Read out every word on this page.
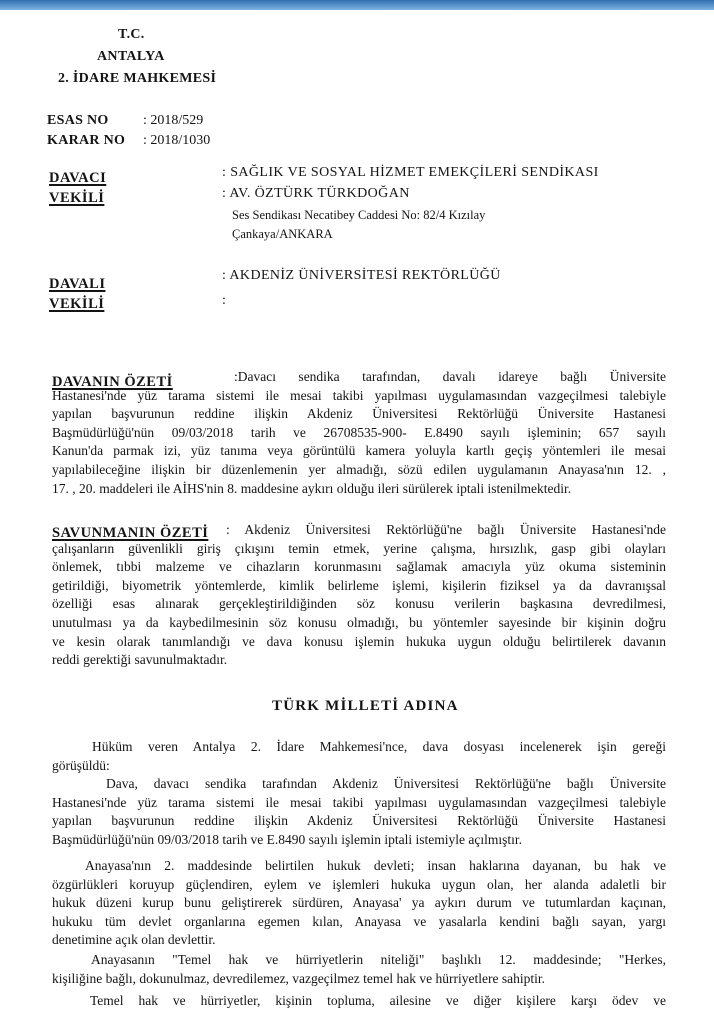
T.C.
ANTALYA
2. İDARE MAHKEMESİ
ESAS NO : 2018/529
KARAR NO : 2018/1030
DAVACI	: SAĞLIK VE SOSYAL HİZMET EMEKÇİLERİ SENDİKASI
VEKİLİ	: AV. ÖZTÜRK TÜRKDOĞAN
Ses Sendikası Necatibey Caddesi No: 82/4 Kızılay
Çankaya/ANKARA
DAVALI
: AKDENİZ ÜNİVERSİTESİ REKTÖRLÜĞÜ
VEKİLİ	:
DAVANIN ÖZETİ	:Davacı sendika tarafından, davalı idareye bağlı Üniversite
Hastanesi'nde yüz tarama sistemi ile mesai takibi yapılması uygulamasından vazgeçilmesi talebiyle
yapılan başvurunun reddine ilişkin Akdeniz Üniversitesi Rektörlüğü Üniversite Hastanesi
Başmüdürlüğü'nün 09/03/2018 tarih ve 26708535-900- E.8490 sayılı işleminin; 657 sayılı
Kanun'da parmak izi, yüz tanıma veya görüntülü kamera yoluyla kartlı geçiş yöntemleri ile mesai
yapılabileceğine ilişkin bir düzenlemenin yer almadığı, sözü edilen uygulamanın Anayasa'nın 12. ,
17. , 20. maddeleri ile AİHS'nin 8. maddesine aykırı olduğu ileri sürülerek iptali istenilmektedir.
SAVUNMANIN ÖZETİ : Akdeniz Üniversitesi Rektörlüğü'ne bağlı Üniversite Hastanesi'nde
çalışanların güvenlikli giriş çıkışını temin etmek, yerine çalışma, hırsızlık, gasp gibi olayları
önlemek, tıbbi malzeme ve cihazların korunmasını sağlamak amacıyla yüz okuma sisteminin
getirildiği, biyometrik yöntemlerde, kimlik belirleme işlemi, kişilerin fiziksel ya da davranışsal
özelliği esas alınarak gerçekleştirildiğinden söz konusu verilerin başkasına devredilmesi,
unutulması ya da kaybedilmesinin söz konusu olmadığı, bu yöntemler sayesinde bir kişinin doğru
ve kesin olarak tanımlandığı ve dava konusu işlemin hukuka uygun olduğu belirtilerek davanın
reddi gerektiği savunulmaktadır.
TÜRK MİLLETİ ADINA
Hüküm veren Antalya 2. İdare Mahkemesi'nce, dava dosyası incelenerek işin gereği
görüşüldü:
Dava, davacı sendika tarafından Akdeniz Üniversitesi Rektörlüğü'ne bağlı Üniversite
Hastanesi'nde yüz tarama sistemi ile mesai takibi yapılması uygulamasından vazgeçilmesi talebiyle
yapılan başvurunun reddine ilişkin Akdeniz Üniversitesi Rektörlüğü Üniversite Hastanesi
Başmüdürlüğü'nün 09/03/2018 tarih ve E.8490 sayılı işlemin iptali istemiyle açılmıştır.
Anayasa'nın 2. maddesinde belirtilen hukuk devleti; insan haklarına dayanan, bu hak ve
özgürlükleri koruyup güçlendiren, eylem ve işlemleri hukuka uygun olan, her alanda adaletli bir
hukuk düzeni kurup bunu geliştirerek sürdüren, Anayasa' ya aykırı durum ve tutumlardan kaçınan,
hukuku tüm devlet organlarına egemen kılan, Anayasa ve yasalarla kendini bağlı sayan, yargı
denetimine açık olan devlettir.
Anayasanın "Temel hak ve hürriyetlerin niteliği" başlıklı 12. maddesinde; "Herkes,
kişiliğine bağlı, dokunulmaz, devredilemez, vazgeçilmez temel hak ve hürriyetlere sahiptir.
Temel hak ve hürriyetler, kişinin topluma, ailesine ve diğer kişilere karşı ödev ve
